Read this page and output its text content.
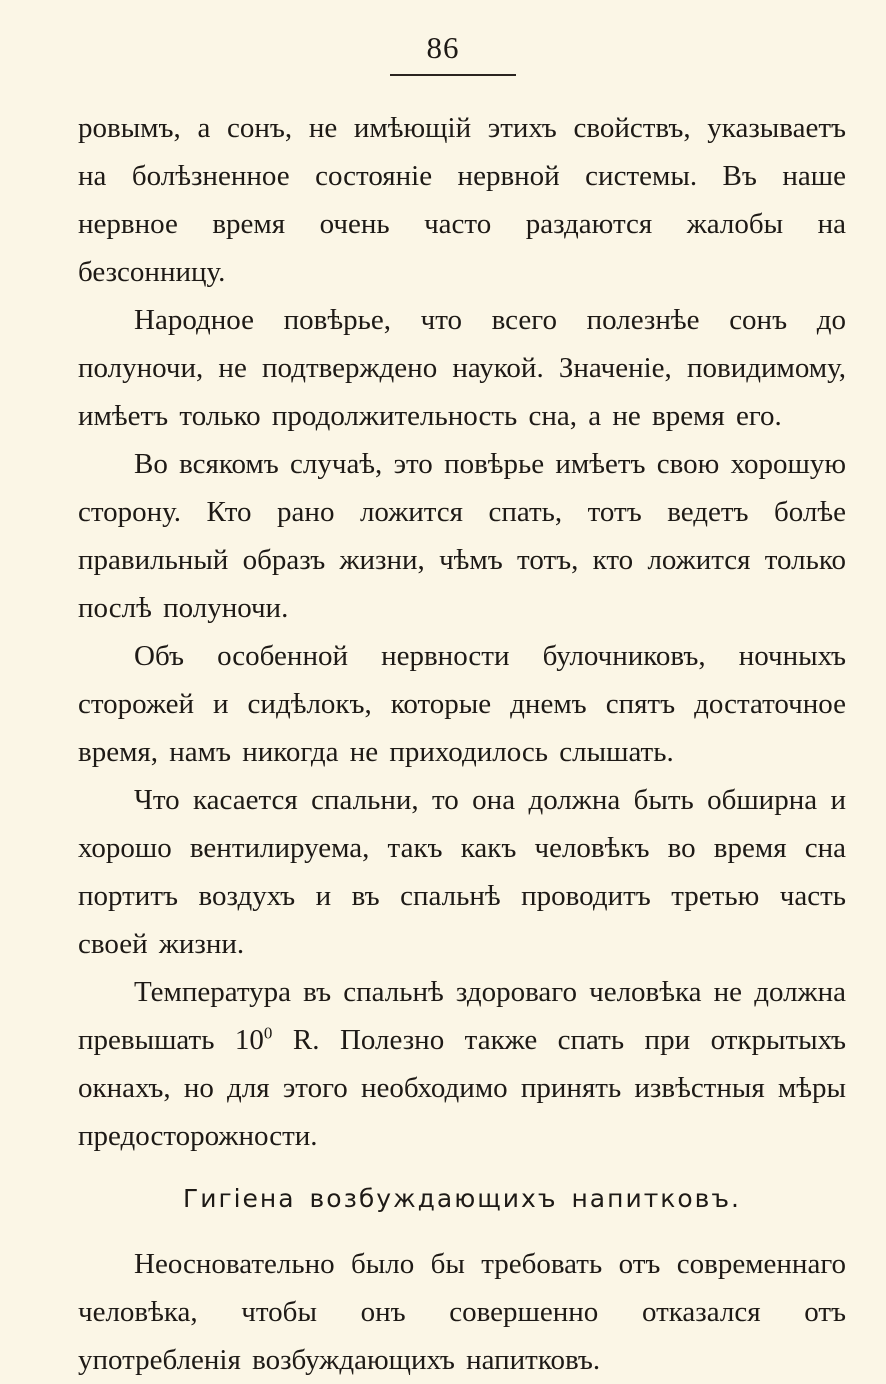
86

ровымъ, а сонъ, не имѣющій этихъ свойствъ, указываетъ на болѣзненное состояніе нервной системы. Въ наше нервное время очень часто раздаются жалобы на безсонницу.

Народное повѣрье, что всего полезнѣе сонъ до полуночи, не подтверждено наукой. Значеніе, повидимому, имѣетъ только продолжительность сна, а не время его.

Во всякомъ случаѣ, это повѣрье имѣетъ свою хорошую сторону. Кто рано ложится спать, тотъ ведетъ болѣе правильный образъ жизни, чѣмъ тотъ, кто ложится только послѣ полуночи.

Объ особенной нервности булочниковъ, ночныхъ сторожей и сидѣлокъ, которые днемъ спятъ достаточное время, намъ никогда не приходилось слышать.

Что касается спальни, то она должна быть обширна и хорошо вентилируема, такъ какъ человѣкъ во время сна портитъ воздухъ и въ спальнѣ проводитъ третью часть своей жизни.

Температура въ спальнѣ здороваго человѣка не должна превышать $10^0$ R. Полезно также спать при открытыхъ окнахъ, но для этого необходимо принять извѣстныя мѣры предосторожности.

Гигіена возбуждающихъ напитковъ.

Неосновательно было бы требовать отъ современнаго человѣка, чтобы онъ совершенно отказался отъ употребленія возбуждающихъ напитковъ.
